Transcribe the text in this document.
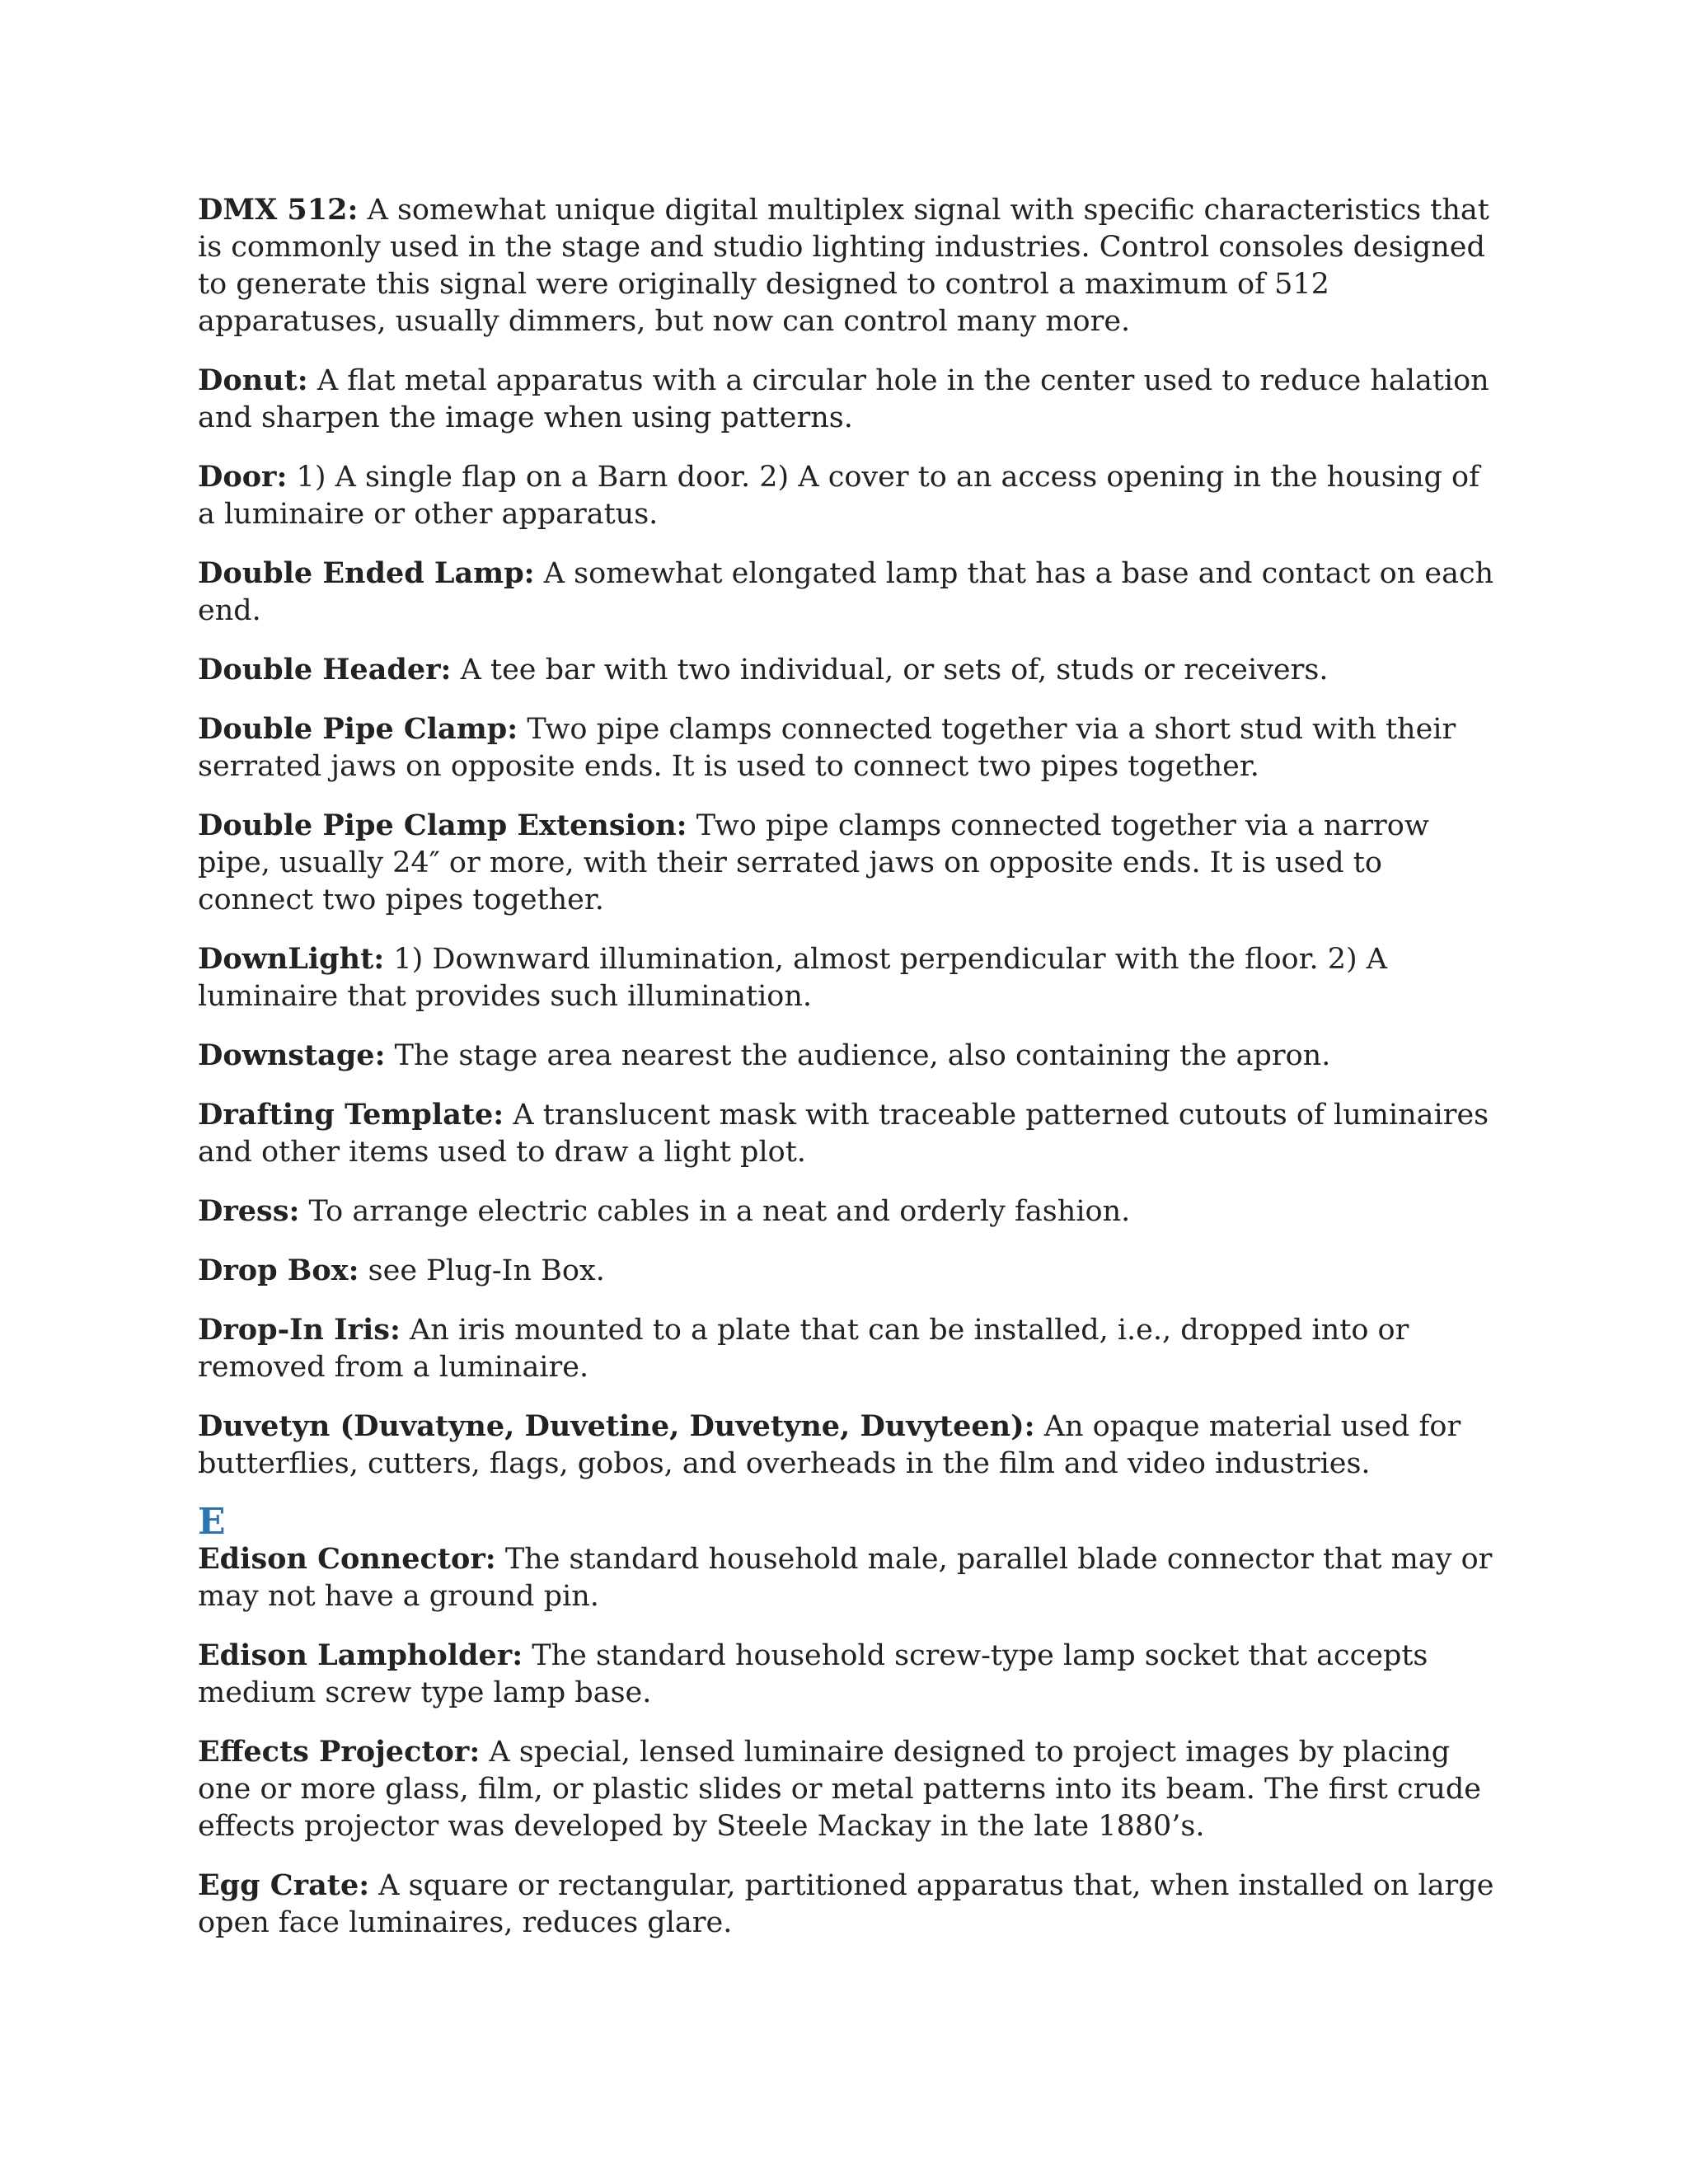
DMX 512: A somewhat unique digital multiplex signal with specific characteristics that is commonly used in the stage and studio lighting industries. Control consoles designed to generate this signal were originally designed to control a maximum of 512 apparatuses, usually dimmers, but now can control many more.
Donut: A flat metal apparatus with a circular hole in the center used to reduce halation and sharpen the image when using patterns.
Door: 1) A single flap on a Barn door. 2) A cover to an access opening in the housing of a luminaire or other apparatus.
Double Ended Lamp: A somewhat elongated lamp that has a base and contact on each end.
Double Header: A tee bar with two individual, or sets of, studs or receivers.
Double Pipe Clamp: Two pipe clamps connected together via a short stud with their serrated jaws on opposite ends. It is used to connect two pipes together.
Double Pipe Clamp Extension: Two pipe clamps connected together via a narrow pipe, usually 24″ or more, with their serrated jaws on opposite ends. It is used to connect two pipes together.
DownLight: 1) Downward illumination, almost perpendicular with the floor. 2) A luminaire that provides such illumination.
Downstage: The stage area nearest the audience, also containing the apron.
Drafting Template: A translucent mask with traceable patterned cutouts of luminaires and other items used to draw a light plot.
Dress: To arrange electric cables in a neat and orderly fashion.
Drop Box: see Plug-In Box.
Drop-In Iris: An iris mounted to a plate that can be installed, i.e., dropped into or removed from a luminaire.
Duvetyn (Duvatyne, Duvetine, Duvetyne, Duvyteen): An opaque material used for butterflies, cutters, flags, gobos, and overheads in the film and video industries.
E
Edison Connector: The standard household male, parallel blade connector that may or may not have a ground pin.
Edison Lampholder: The standard household screw-type lamp socket that accepts medium screw type lamp base.
Effects Projector: A special, lensed luminaire designed to project images by placing one or more glass, film, or plastic slides or metal patterns into its beam. The first crude effects projector was developed by Steele Mackay in the late 1880’s.
Egg Crate: A square or rectangular, partitioned apparatus that, when installed on large open face luminaires, reduces glare.
